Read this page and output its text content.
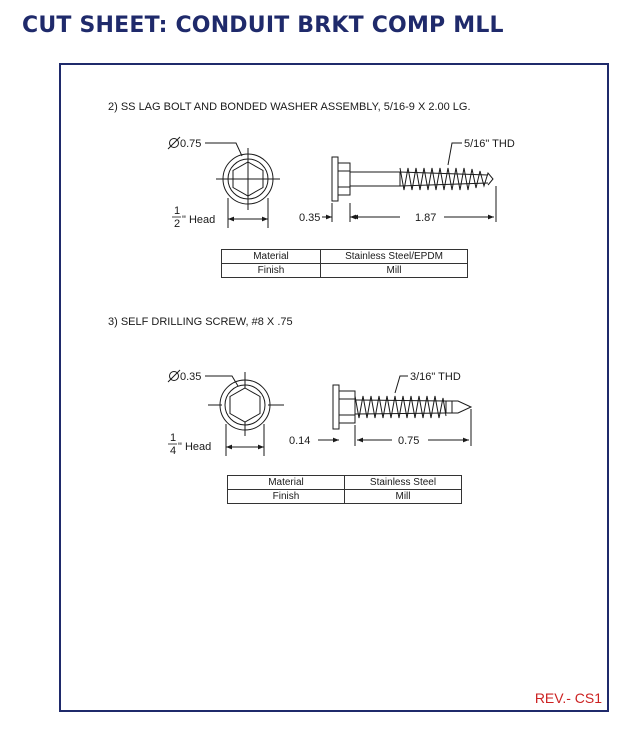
CUT SHEET: CONDUIT BRKT COMP MLL
2) SS LAG BOLT AND BONDED WASHER ASSEMBLY, 5/16-9 X 2.00 LG.
3) SELF DRILLING SCREW, #8 X .75
0.75
1
2 " Head
5/16" THD
0.35	1.87
0.35
1
4 " Head
3/16" THD
0.14	0.75
Material	Stainless Steel/EPDM
Finish	Mill
Material	Stainless Steel
Finish	Mill
REV.- CS1
